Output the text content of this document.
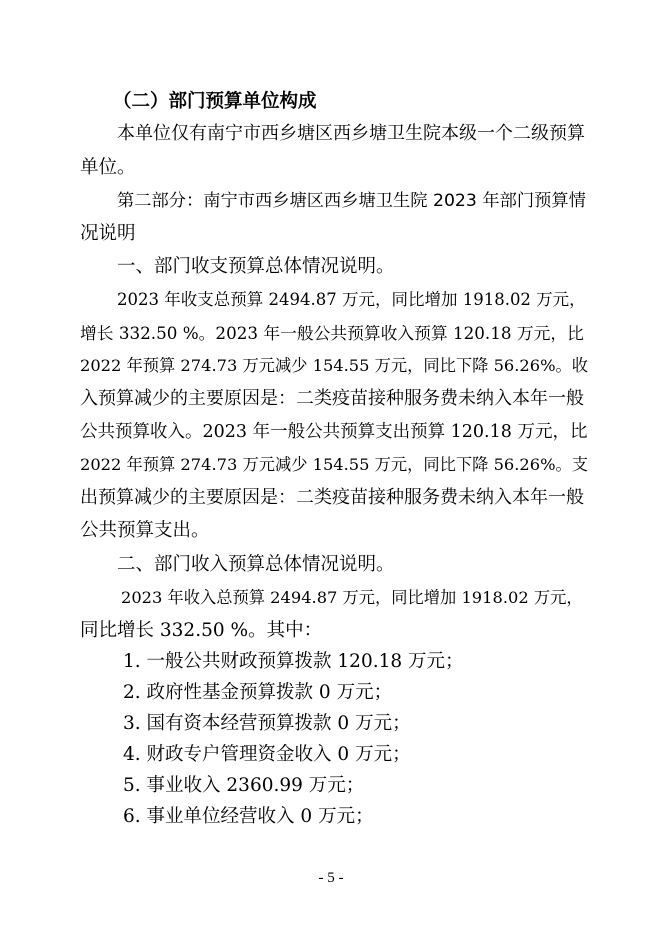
（二）部门预算单位构成
本单位仅有南宁市西乡塘区西乡塘卫生院本级一个二级预算
单位。
第二部分：南宁市西乡塘区西乡塘卫生院 2023 年部门预算情
况说明
一、部门收支预算总体情况说明。
2023 年收支总预算 2494.87 万元，同比增加 1918.02 万元，
增长 332.50 %。2023 年一般公共预算收入预算 120.18 万元，比
2022 年预算 274.73 万元减少 154.55 万元，同比下降 56.26%。收
入预算减少的主要原因是：二类疫苗接种服务费未纳入本年一般
公共预算收入。2023 年一般公共预算支出预算 120.18 万元，比
2022 年预算 274.73 万元减少 154.55 万元，同比下降 56.26%。支
出预算减少的主要原因是：二类疫苗接种服务费未纳入本年一般
公共预算支出。
二、部门收入预算总体情况说明。
2023 年收入总预算 2494.87 万元，同比增加 1918.02 万元，
同比增长 332.50 %。其中：
1. 一般公共财政预算拨款 120.18 万元；
2. 政府性基金预算拨款 0 万元；
3. 国有资本经营预算拨款 0 万元；
4. 财政专户管理资金收入 0 万元；
5. 事业收入 2360.99 万元；
6. 事业单位经营收入 0 万元；
- 5 -
